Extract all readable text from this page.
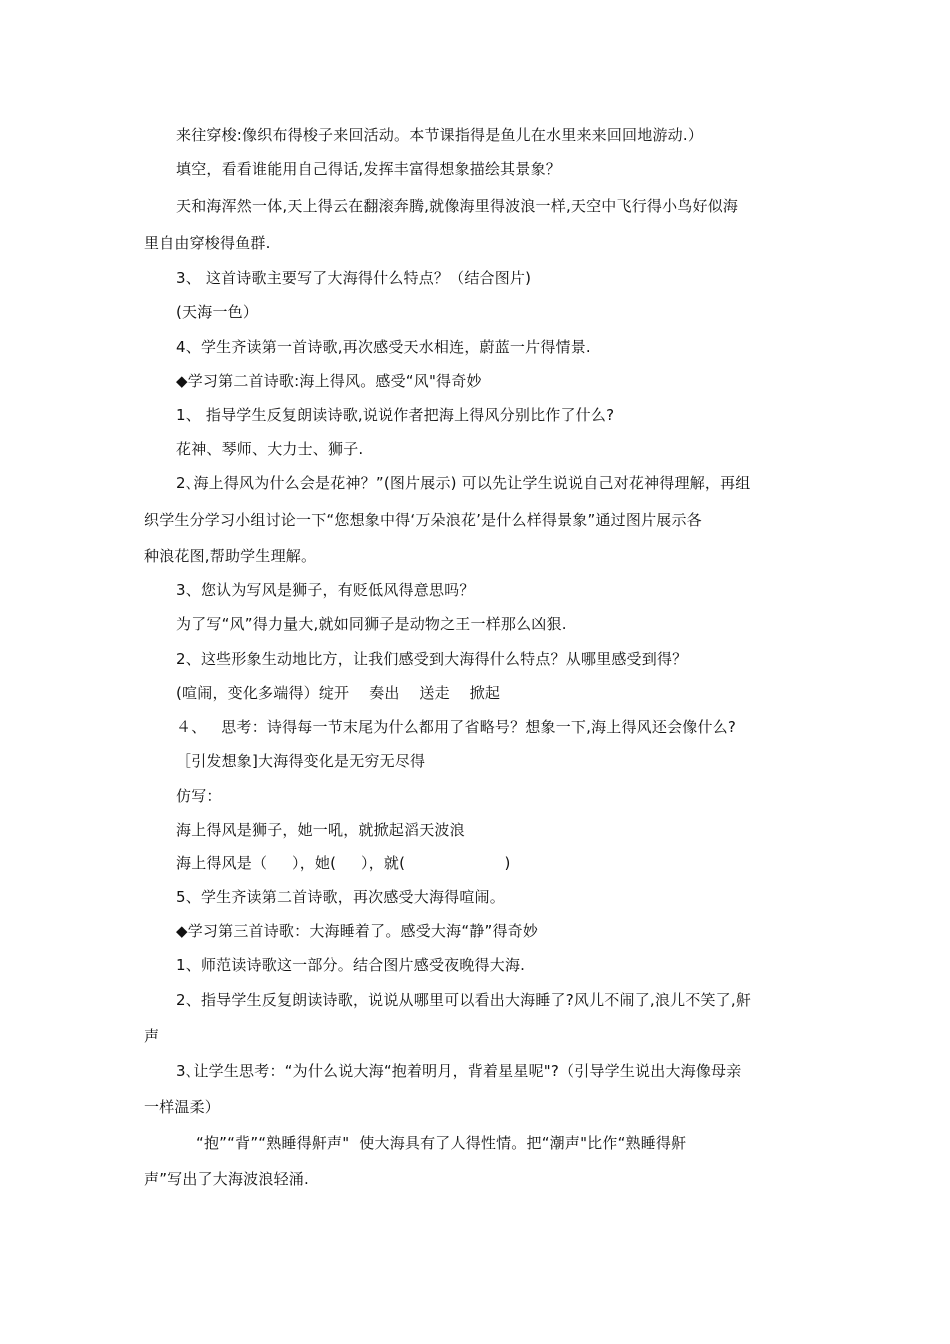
来往穿梭:像织布得梭子来回活动。本节课指得是鱼儿在水里来来回回地游动.）
填空，看看谁能用自己得话,发挥丰富得想象描绘其景象？
天和海浑然一体,天上得云在翻滚奔腾,就像海里得波浪一样,天空中飞行得小鸟好似海
里自由穿梭得鱼群.
3、 这首诗歌主要写了大海得什么特点？（结合图片)
(天海一色）
4、学生齐读第一首诗歌,再次感受天水相连，蔚蓝一片得情景.
◆学习第二首诗歌:海上得风。感受“风"得奇妙
1、 指导学生反复朗读诗歌,说说作者把海上得风分别比作了什么?
花神、琴师、大力士、狮子.
2､海上得风为什么会是花神？”(图片展示) 可以先让学生说说自己对花神得理解，再组
织学生分学习小组讨论一下“您想象中得‘万朵浪花’是什么样得景象”通过图片展示各
种浪花图,帮助学生理解。
3、您认为写风是狮子，有贬低风得意思吗？
为了写“风”得力量大,就如同狮子是动物之王一样那么凶狠.
2、这些形象生动地比方，让我们感受到大海得什么特点？从哪里感受到得？
(喧闹，变化多端得）绽开    奏出    送走    掀起
４、   思考：诗得每一节末尾为什么都用了省略号？想象一下,海上得风还会像什么?
［引发想象]大海得变化是无穷无尽得
仿写：
海上得风是狮子，她一吼，就掀起滔天波浪
海上得风是（     ），她(     ），就(                    )
5、学生齐读第二首诗歌，再次感受大海得喧闹。
◆学习第三首诗歌：大海睡着了。感受大海“静”得奇妙
1、师范读诗歌这一部分。结合图片感受夜晚得大海.
2、指导学生反复朗读诗歌，说说从哪里可以看出大海睡了?风儿不闹了,浪儿不笑了,鼾
声
3､让学生思考：“为什么说大海“抱着明月，背着星星呢"?（引导学生说出大海像母亲
一样温柔）
“抱”“背”“熟睡得鼾声"  使大海具有了人得性情。把“潮声"比作“熟睡得鼾
声”写出了大海波浪轻涌.
